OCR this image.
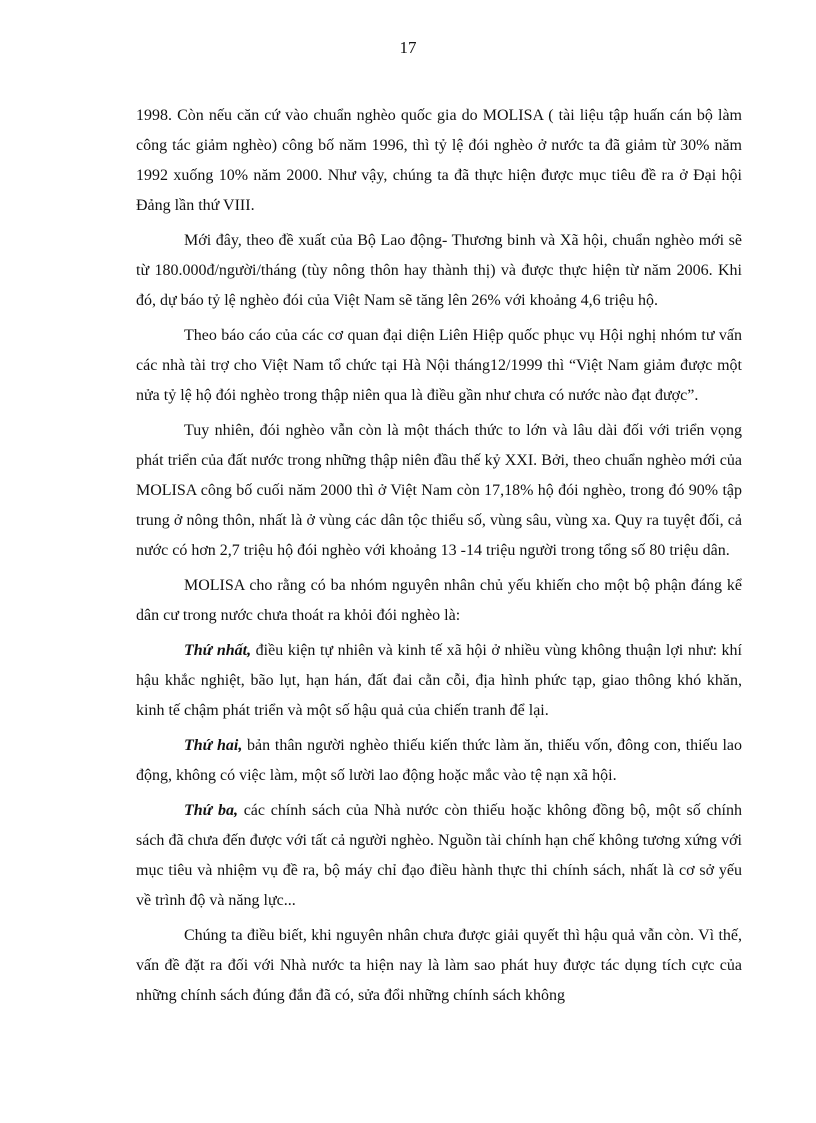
17

1998. Còn nếu căn cứ vào chuẩn nghèo quốc gia do MOLISA ( tài liệu tập huấn cán bộ làm công tác giảm nghèo) công bố năm 1996, thì tỷ lệ đói nghèo ở nước ta đã giảm từ 30% năm 1992 xuống 10% năm 2000. Như vậy, chúng ta đã thực hiện được mục tiêu đề ra ở Đại hội Đảng lần thứ VIII.

Mới đây, theo đề xuất của Bộ Lao động- Thương binh và Xã hội, chuẩn nghèo mới sẽ từ 180.000đ/người/tháng (tùy nông thôn hay thành thị) và được thực hiện từ năm 2006. Khi đó, dự báo tỷ lệ nghèo đói của Việt Nam sẽ tăng lên 26% với khoảng 4,6 triệu hộ.

Theo báo cáo của các cơ quan đại diện Liên Hiệp quốc phục vụ Hội nghị nhóm tư vấn các nhà tài trợ cho Việt Nam tổ chức tại Hà Nội tháng12/1999 thì “Việt Nam giảm được một nửa tỷ lệ hộ đói nghèo trong thập niên qua là điều gần như chưa có nước nào đạt được”.

Tuy nhiên, đói nghèo vẫn còn là một thách thức to lớn và lâu dài đối với triển vọng phát triển của đất nước trong những thập niên đầu thế kỷ XXI. Bởi, theo chuẩn nghèo mới của MOLISA công bố cuối năm 2000 thì ở Việt Nam còn 17,18% hộ đói nghèo, trong đó 90% tập trung ở nông thôn, nhất là ở vùng các dân tộc thiểu số, vùng sâu, vùng xa. Quy ra tuyệt đối, cả nước có hơn 2,7 triệu hộ đói nghèo với khoảng 13 -14 triệu người trong tổng số 80 triệu dân.

MOLISA cho rằng có ba nhóm nguyên nhân chủ yếu khiến cho một bộ phận đáng kể dân cư trong nước chưa thoát ra khỏi đói nghèo là:

Thứ nhất, điều kiện tự nhiên và kinh tế xã hội ở nhiều vùng không thuận lợi như: khí hậu khắc nghiệt, bão lụt, hạn hán, đất đai cằn cỗi, địa hình phức tạp, giao thông khó khăn, kinh tế chậm phát triển và một số hậu quả của chiến tranh để lại.

Thứ hai, bản thân người nghèo thiếu kiến thức làm ăn, thiếu vốn, đông con, thiếu lao động, không có việc làm, một số lười lao động hoặc mắc vào tệ nạn xã hội.

Thứ ba, các chính sách của Nhà nước còn thiếu hoặc không đồng bộ, một số chính sách đã chưa đến được với tất cả người nghèo. Nguồn tài chính hạn chế không tương xứng với mục tiêu và nhiệm vụ đề ra, bộ máy chỉ đạo điều hành thực thi chính sách, nhất là cơ sở yếu về trình độ và năng lực...

Chúng ta điều biết, khi nguyên nhân chưa được giải quyết thì hậu quả vẫn còn. Vì thế, vấn đề đặt ra đối với Nhà nước ta hiện nay là làm sao phát huy được tác dụng tích cực của những chính sách đúng đắn đã có, sửa đổi những chính sách không
